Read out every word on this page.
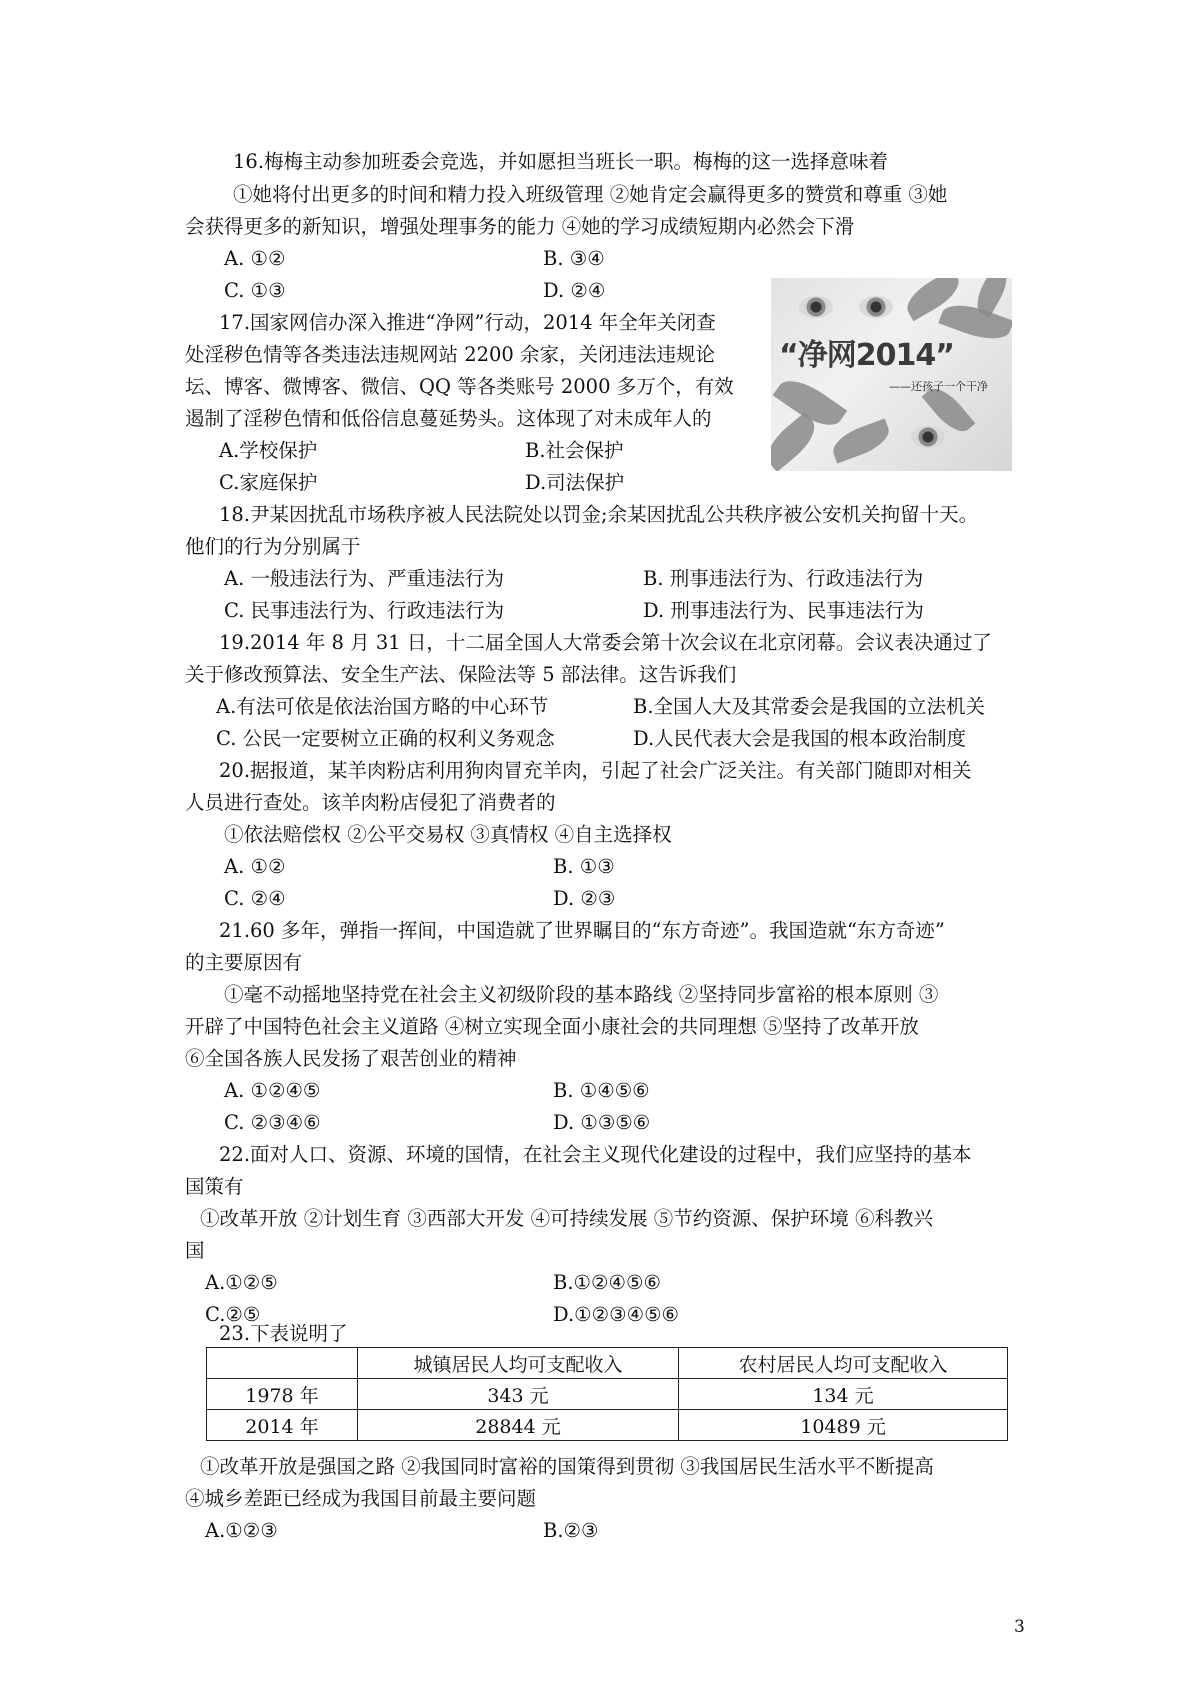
16.梅梅主动参加班委会竞选，并如愿担当班长一职。梅梅的这一选择意味着
①她将付出更多的时间和精力投入班级管理 ②她肯定会赢得更多的赞赏和尊重 ③她
会获得更多的新知识，增强处理事务的能力 ④她的学习成绩短期内必然会下滑
A. ①②	B. ③④
C. ①③	D. ②④
17.国家网信办深入推进“净网”行动，2014 年全年关闭查
处淫秽色情等各类违法违规网站 2200 余家，关闭违法违规论
坛、博客、微博客、微信、QQ 等各类账号 2000 多万个，有效
遏制了淫秽色情和低俗信息蔓延势头。这体现了对未成年人的
A.学校保护	B.社会保护
C.家庭保护	D.司法保护
“净网2014”
——还孩子一个干净
18.尹某因扰乱市场秩序被人民法院处以罚金;余某因扰乱公共秩序被公安机关拘留十天。
他们的行为分别属于
A. 一般违法行为、严重违法行为	B. 刑事违法行为、行政违法行为
C. 民事违法行为、行政违法行为	D. 刑事违法行为、民事违法行为
19.2014 年 8 月 31 日，十二届全国人大常委会第十次会议在北京闭幕。会议表决通过了
关于修改预算法、安全生产法、保险法等 5 部法律。这告诉我们
A.有法可依是依法治国方略的中心环节	B.全国人大及其常委会是我国的立法机关
C. 公民一定要树立正确的权利义务观念	D.人民代表大会是我国的根本政治制度
20.据报道，某羊肉粉店利用狗肉冒充羊肉，引起了社会广泛关注。有关部门随即对相关
人员进行查处。该羊肉粉店侵犯了消费者的
①依法赔偿权 ②公平交易权 ③真情权 ④自主选择权
A. ①②	B. ①③
C. ②④	D. ②③
21.60 多年，弹指一挥间，中国造就了世界瞩目的“东方奇迹”。我国造就“东方奇迹”
的主要原因有
①毫不动摇地坚持党在社会主义初级阶段的基本路线 ②坚持同步富裕的根本原则 ③
开辟了中国特色社会主义道路 ④树立实现全面小康社会的共同理想 ⑤坚持了改革开放
⑥全国各族人民发扬了艰苦创业的精神
A. ①②④⑤	B. ①④⑤⑥
C. ②③④⑥	D. ①③⑤⑥
22.面对人口、资源、环境的国情，在社会主义现代化建设的过程中，我们应坚持的基本
国策有
①改革开放 ②计划生育 ③西部大开发 ④可持续发展 ⑤节约资源、保护环境 ⑥科教兴
国
A.①②⑤	B.①②④⑤⑥
C.②⑤	D.①②③④⑤⑥
23.下表说明了
	城镇居民人均可支配收入	农村居民人均可支配收入
1978 年	343 元	134 元
2014 年	28844 元	10489 元
①改革开放是强国之路 ②我国同时富裕的国策得到贯彻 ③我国居民生活水平不断提高
④城乡差距已经成为我国目前最主要问题
A.①②③	B.②③
3
